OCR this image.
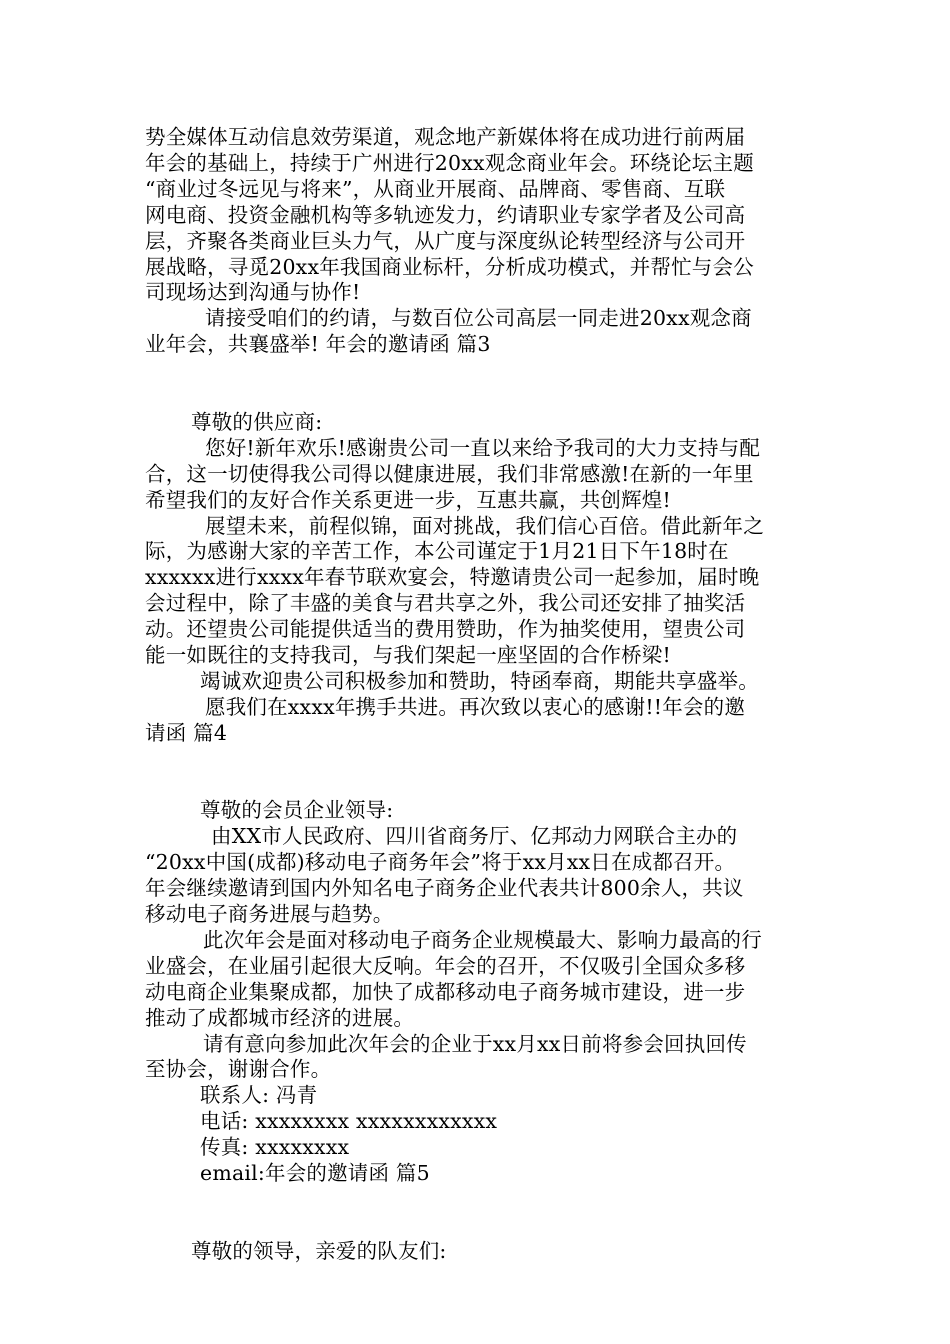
势全媒体互动信息效劳渠道，观念地产新媒体将在成功进行前两届
年会的基础上，持续于广州进行20xx观念商业年会。环绕论坛主题
“商业过冬远见与将来”，从商业开展商、品牌商、零售商、互联
网电商、投资金融机构等多轨迹发力，约请职业专家学者及公司高
层，齐聚各类商业巨头力气，从广度与深度纵论转型经济与公司开
展战略，寻觅20xx年我国商业标杆，分析成功模式，并帮忙与会公
司现场达到沟通与协作!
请接受咱们的约请，与数百位公司高层一同走进20xx观念商
业年会，共襄盛举! 年会的邀请函 篇3
尊敬的供应商:
您好!新年欢乐!感谢贵公司一直以来给予我司的大力支持与配
合，这一切使得我公司得以健康进展，我们非常感激!在新的一年里
希望我们的友好合作关系更进一步，互惠共赢，共创辉煌!
展望未来，前程似锦，面对挑战，我们信心百倍。借此新年之
际，为感谢大家的辛苦工作，本公司谨定于1月21日下午18时在
xxxxxx进行xxxx年春节联欢宴会，特邀请贵公司一起参加，届时晚
会过程中，除了丰盛的美食与君共享之外，我公司还安排了抽奖活
动。还望贵公司能提供适当的费用赞助，作为抽奖使用，望贵公司
能一如既往的支持我司，与我们架起一座坚固的合作桥梁!
竭诚欢迎贵公司积极参加和赞助，特函奉商，期能共享盛举。
愿我们在xxxx年携手共进。再次致以衷心的感谢!!年会的邀
请函 篇4
尊敬的会员企业领导:
由XX市人民政府、四川省商务厅、亿邦动力网联合主办的
“20xx中国(成都)移动电子商务年会”将于xx月xx日在成都召开。
年会继续邀请到国内外知名电子商务企业代表共计800余人，共议
移动电子商务进展与趋势。
此次年会是面对移动电子商务企业规模最大、影响力最高的行
业盛会，在业届引起很大反响。年会的召开，不仅吸引全国众多移
动电商企业集聚成都，加快了成都移动电子商务城市建设，进一步
推动了成都城市经济的进展。
请有意向参加此次年会的企业于xx月xx日前将参会回执回传
至协会，谢谢合作。
联系人: 冯青
电话: xxxxxxxx xxxxxxxxxxxx
传真: xxxxxxxx
email:年会的邀请函 篇5
尊敬的领导，亲爱的队友们:
